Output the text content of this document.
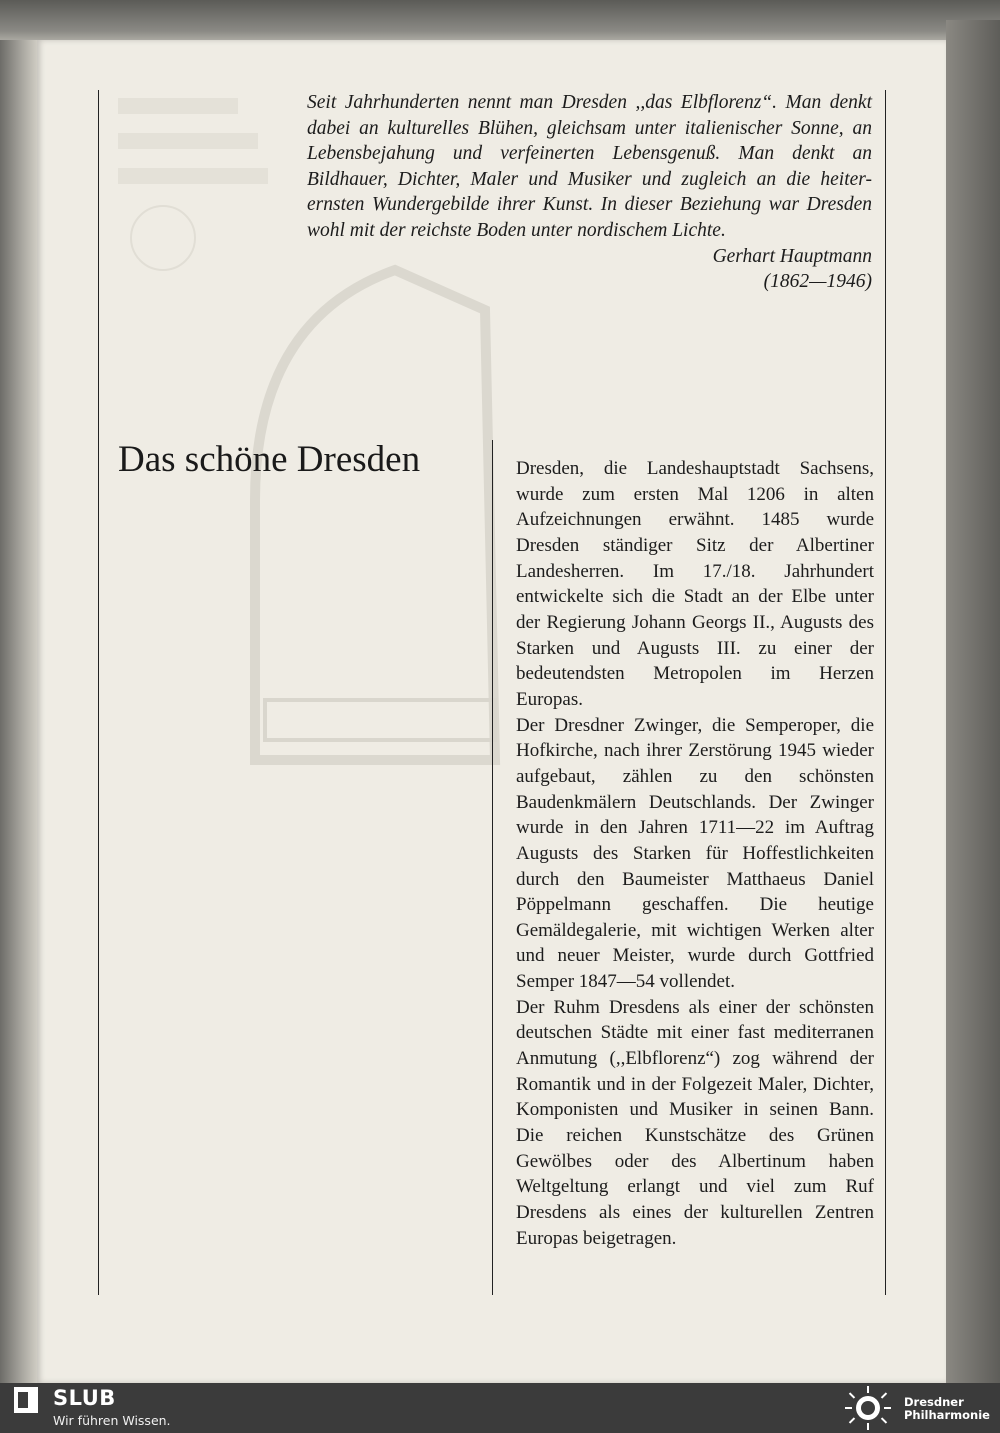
Seit Jahrhunderten nennt man Dresden ,,das Elbflorenz“. Man denkt dabei an kulturelles Blühen, gleichsam unter italienischer Sonne, an Lebensbejahung und verfeinerten Lebensgenuß. Man denkt an Bildhauer, Dichter, Maler und Musiker und zugleich an die heiter-ernsten Wundergebilde ihrer Kunst. In dieser Beziehung war Dresden wohl mit der reichste Boden unter nordischem Lichte.
Gerhart Hauptmann
(1862—1946)
Das schöne Dresden	Dresden, die Landeshauptstadt Sachsens, wurde zum ersten Mal 1206 in alten Aufzeichnungen erwähnt. 1485 wurde Dresden ständiger Sitz der Albertiner Landesherren. Im 17./18. Jahrhundert entwickelte sich die Stadt an der Elbe unter der Regierung Johann Georgs II., Augusts des Starken und Augusts III. zu einer der bedeutendsten Metropolen im Herzen Europas.

Der Dresdner Zwinger, die Semperoper, die Hofkirche, nach ihrer Zerstörung 1945 wieder aufgebaut, zählen zu den schönsten Baudenkmälern Deutschlands. Der Zwinger wurde in den Jahren 1711—22 im Auftrag Augusts des Starken für Hoffestlichkeiten durch den Baumeister Matthaeus Daniel Pöppelmann geschaffen. Die heutige Gemäldegalerie, mit wichtigen Werken alter und neuer Meister, wurde durch Gottfried Semper 1847—54 vollendet.

Der Ruhm Dresdens als einer der schönsten deutschen Städte mit einer fast mediterranen Anmutung (,,Elbflorenz“) zog während der Romantik und in der Folgezeit Maler, Dichter, Komponisten und Musiker in seinen Bann. Die reichen Kunstschätze des Grünen Gewölbes oder des Albertinum haben Weltgeltung erlangt und viel zum Ruf Dresdens als eines der kulturellen Zentren Europas beigetragen.

SLUB
Wir führen Wissen.
Dresdner
Philharmonie
